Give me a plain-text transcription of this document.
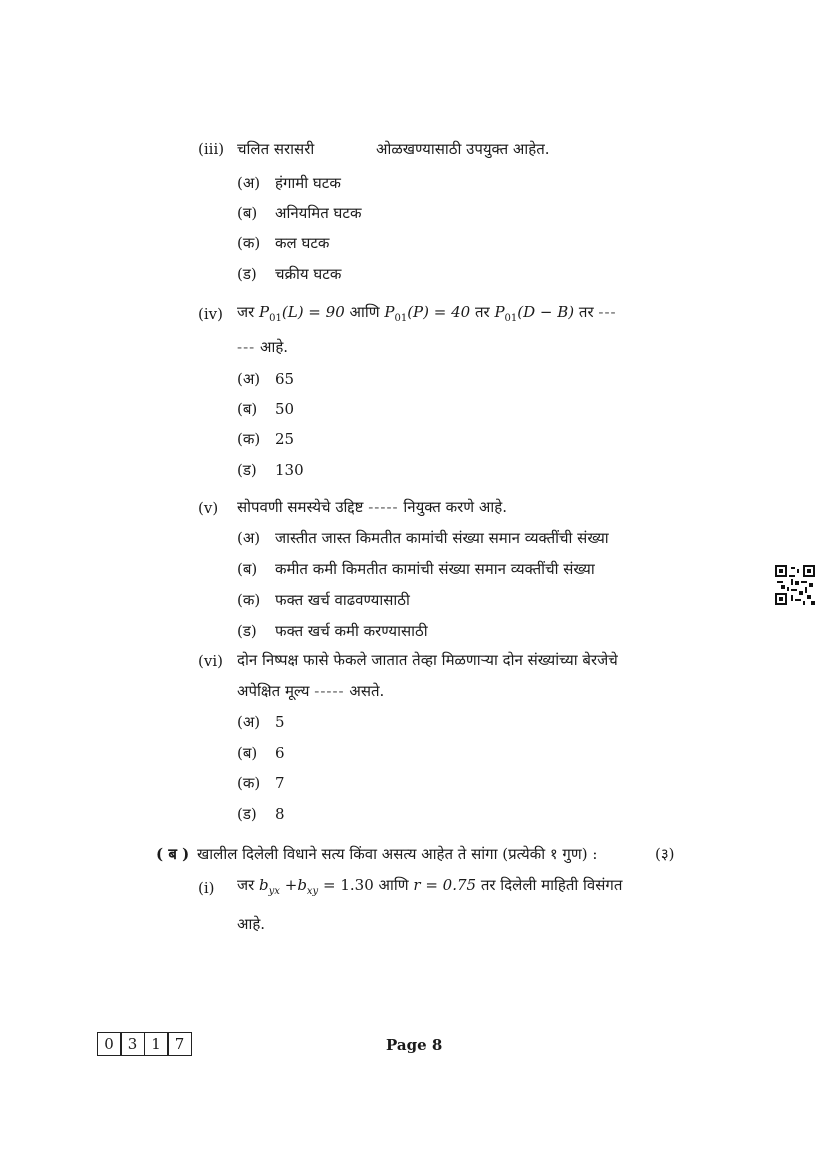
(iii) चलित सरासरी	ओळखण्यासाठी उपयुक्त आहेत.
(अ) हंगामी घटक
(ब) अनियमित घटक
(क) कल घटक
(ड) चक्रीय घटक
(iv) जर $P_{01}(L) = 90$ आणि $P_{01}(P) = 40$ तर $P_{01}(D - B)$ तर ---
--- आहे.
(अ) 65
(ब) 50
(क) 25
(ड) 130
(v) सोपवणी समस्येचे उद्दिष्ट ----- नियुक्त करणे आहे.
(अ) जास्तीत जास्त किमतीत कामांची संख्या समान व्यक्तींची संख्या
(ब) कमीत कमी किमतीत कामांची संख्या समान व्यक्तींची संख्या
(क) फक्त खर्च वाढवण्यासाठी
(ड) फक्त खर्च कमी करण्यासाठी
(vi) दोन निष्पक्ष फासे फेकले जातात तेव्हा मिळणाऱ्या दोन संख्यांच्या बेरजेचे
अपेक्षित मूल्य ----- असते.
(अ) 5
(ब) 6
(क) 7
(ड) 8
( ब ) खालील दिलेली विधाने सत्य किंवा असत्य आहेत ते सांगा (प्रत्येकी १ गुण) :	(३)
(i) जर $b_{yx} +b_{xy} = 1.30$ आणि r = 0.75 तर दिलेली माहिती विसंगत
आहे.
0 3 1 7	Page 8
